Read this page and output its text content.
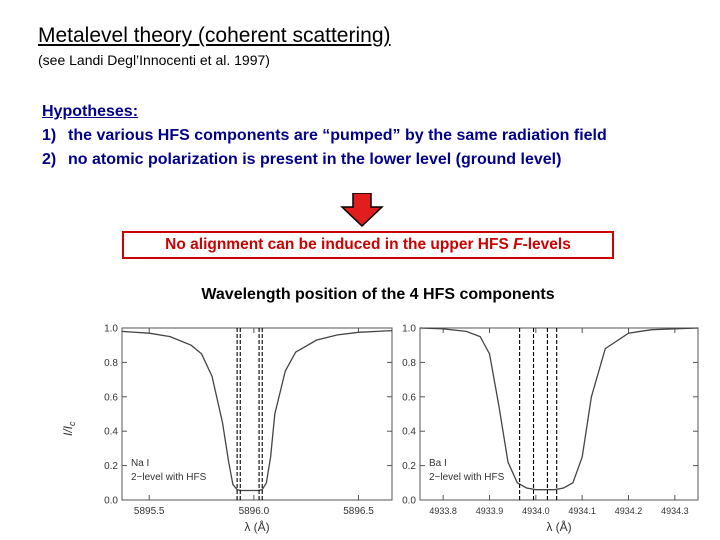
Metalevel theory (coherent scattering)
(see Landi Degl’Innocenti et al. 1997)
Hypotheses:
1) the various HFS components are “pumped” by the same radiation field
2) no atomic polarization is present in the lower level (ground level)
No alignment can be induced in the upper HFS F-levels
Wavelength position of the 4 HFS components
0.0
0.2
0.4
0.6
0.8
1.0
5895.5	5896.0	5896.5
Na I
2−level with HFS
λ (Å)
$I/I_c$
0.0
0.2
0.4
0.6
0.8
1.0
4933.8 4933.9 4934.0 4934.1 4934.2 4934.3
Ba I
2−level with HFS
λ (Å)
